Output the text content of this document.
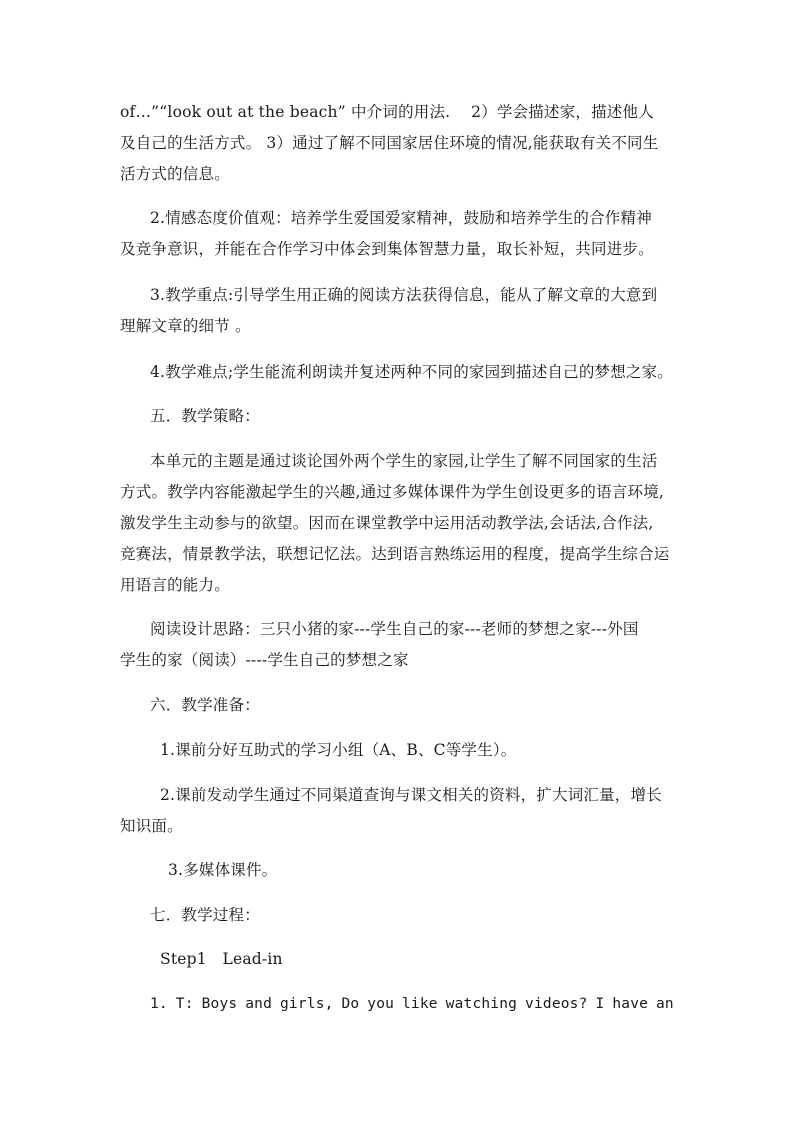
of…”“look out at the beach” 中介词的用法.　 2）学会描述家，描述他人
及自己的生活方式。 3）通过了解不同国家居住环境的情况,能获取有关不同生
活方式的信息。
2.情感态度价值观：培养学生爱国爱家精神，鼓励和培养学生的合作精神
及竞争意识，并能在合作学习中体会到集体智慧力量，取长补短，共同进步。
3.教学重点:引导学生用正确的阅读方法获得信息，能从了解文章的大意到
理解文章的细节 。
4.教学难点;学生能流利朗读并复述两种不同的家园到描述自己的梦想之家。
五．教学策略：
本单元的主题是通过谈论国外两个学生的家园,让学生了解不同国家的生活
方式。教学内容能激起学生的兴趣,通过多媒体课件为学生创设更多的语言环境,
激发学生主动参与的欲望。因而在课堂教学中运用活动教学法,会话法,合作法,
竞赛法，情景教学法，联想记忆法。达到语言熟练运用的程度，提高学生综合运
用语言的能力。
阅读设计思路：三只小猪的家---学生自己的家---老师的梦想之家---外国
学生的家（阅读）----学生自己的梦想之家
六．教学准备：
1.课前分好互助式的学习小组（A、B、C等学生）。
2.课前发动学生通过不同渠道查询与课文相关的资料，扩大词汇量，增长
知识面。
3.多媒体课件。
七．教学过程：
Step1　Lead-in
1. T: Boys and girls, Do you like watching videos? I have an
